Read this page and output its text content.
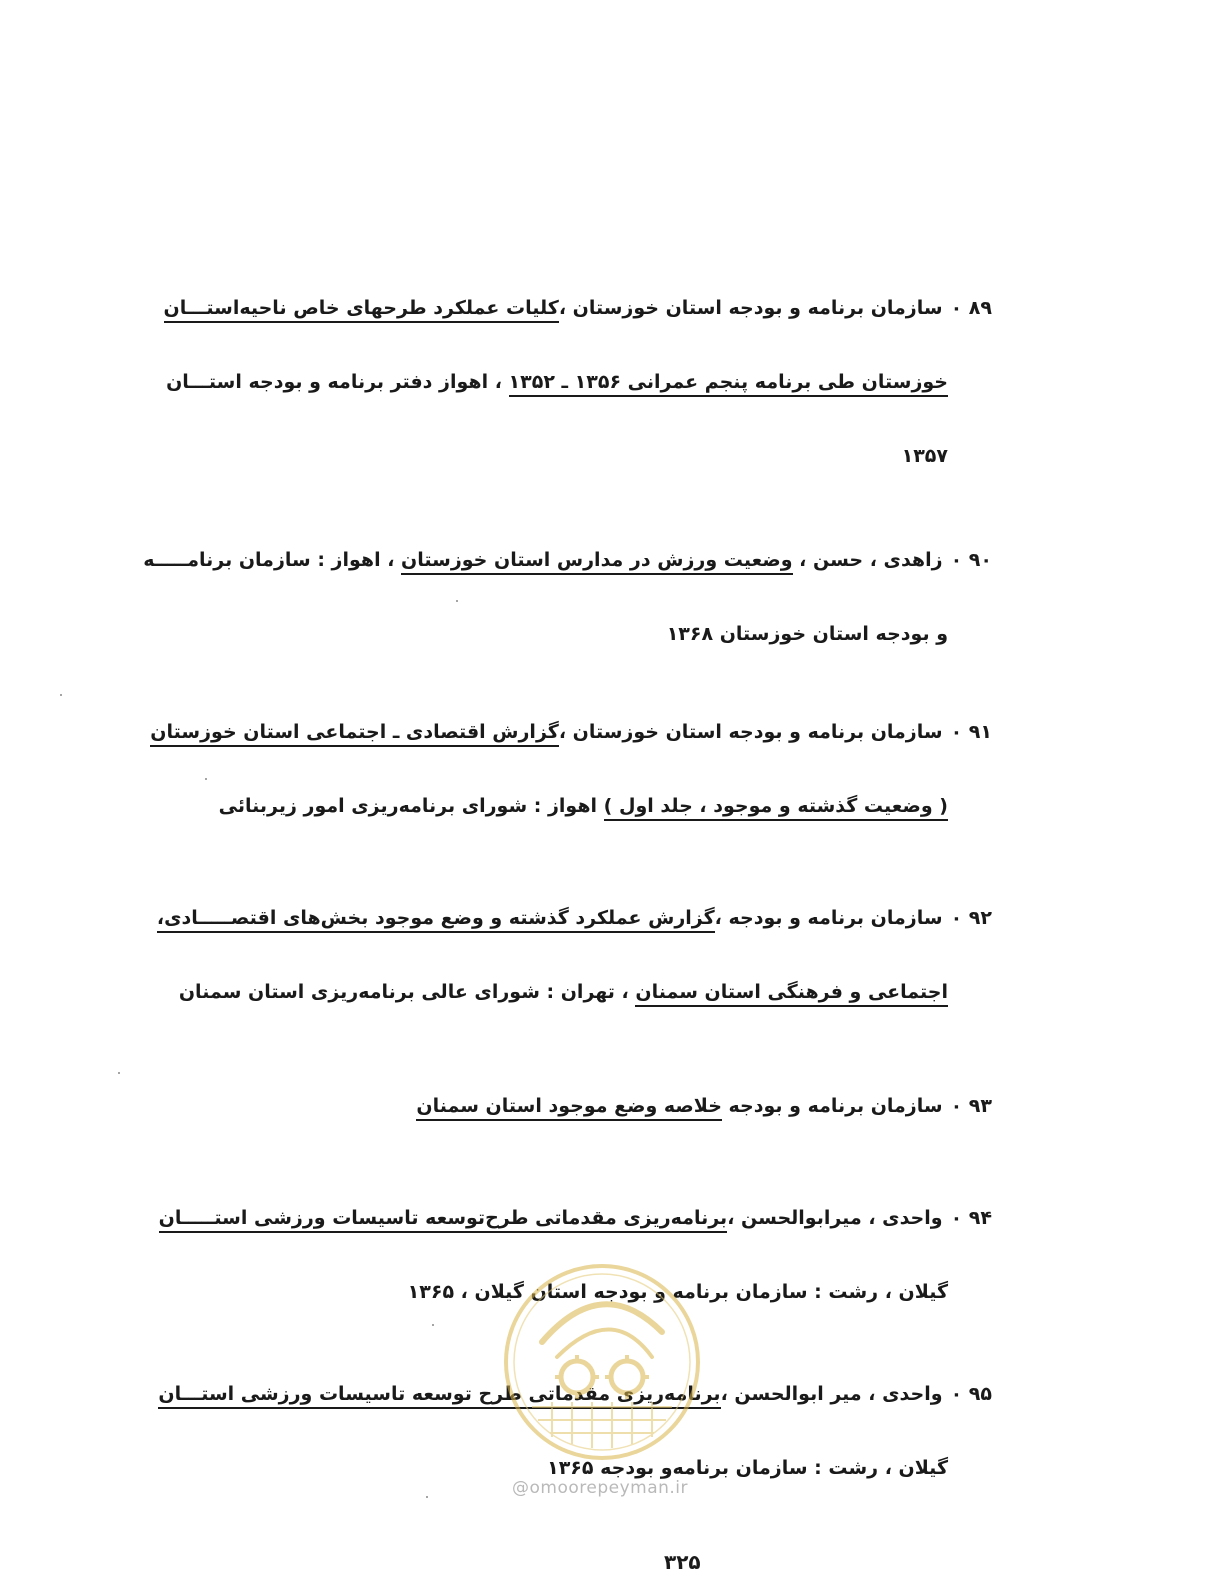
۸۹ ۰سازمان برنامه و بودجه استان خوزستان ،کلیات عملکرد طرحهای خاص ناحیه‌استـــان
خوزستان طی برنامه پنجم عمرانی ۱۳۵۶ ـ ۱۳۵۲ ، اهواز دفتر برنامه و بودجه استـــان
۱۳۵۷
۹۰ ۰زاهدی ، حسن ، وضعیت ورزش در مدارس استان خوزستان ، اهواز : سازمان برنامـــــه
و بودجه استان خوزستان ۱۳۶۸
۹۱ ۰سازمان برنامه و بودجه استان خوزستان ،گزارش اقتصادی ـ اجتماعی استان خوزستان
( وضعیت گذشته و موجود ، جلد اول ) اهواز : شورای برنامه‌ریزی امور زیربنائی
۹۲ ۰سازمان برنامه و بودجه ،گزارش عملکرد گذشته و وضع موجود بخش‌های اقتصـــــادی،
اجتماعی و فرهنگی استان سمنان ، تهران : شورای عالی برنامه‌ریزی استان سمنان
۹۳ ۰سازمان برنامه و بودجه خلاصه وضع موجود استان سمنان
۹۴ ۰واحدی ، میرابوالحسن ،برنامه‌ریزی مقدماتی طرح‌توسعه تاسیسات ورزشی استـــــان
گیلان ، رشت : سازمان برنامه و بودجه استان گیلان ، ۱۳۶۵
۹۵ ۰واحدی ، میر ابوالحسن ،برنامه‌ریزی مقدماتی طرح توسعه تاسیسات ورزشی استـــان
گیلان ، رشت : سازمان برنامه‌و بودجه ۱۳۶۵
@omoorepeyman.ir
۳۲۵
